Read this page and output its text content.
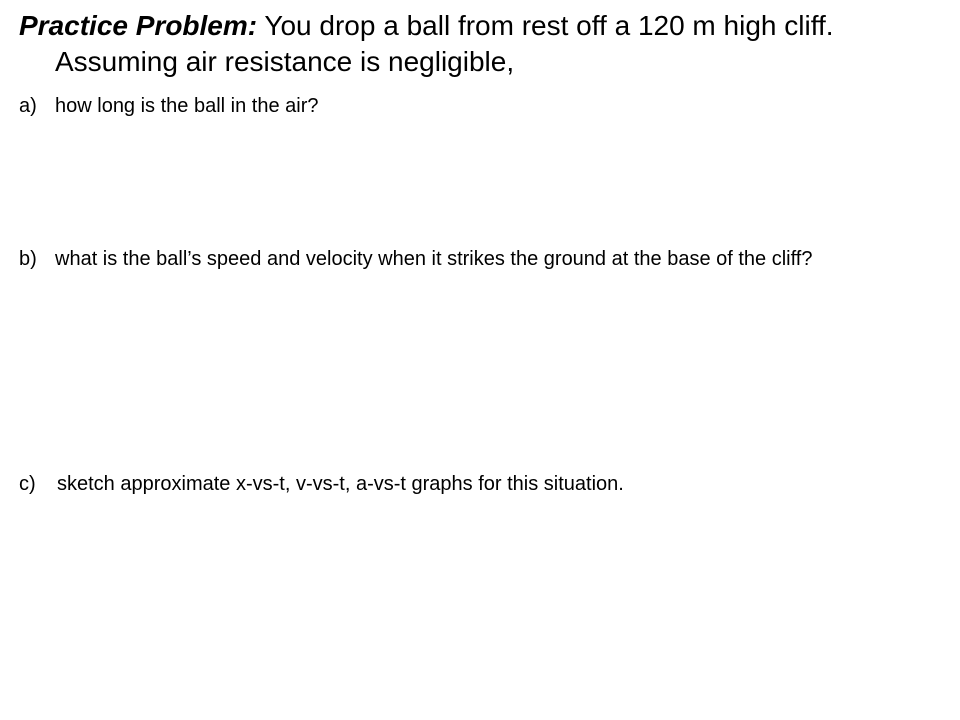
Practice Problem: You drop a ball from rest off a 120 m high cliff. Assuming air resistance is negligible,
a) how long is the ball in the air?
b) what is the ball’s speed and velocity when it strikes the ground at the base of the cliff?
c)	sketch approximate x-vs-t, v-vs-t, a-vs-t graphs for this situation.
